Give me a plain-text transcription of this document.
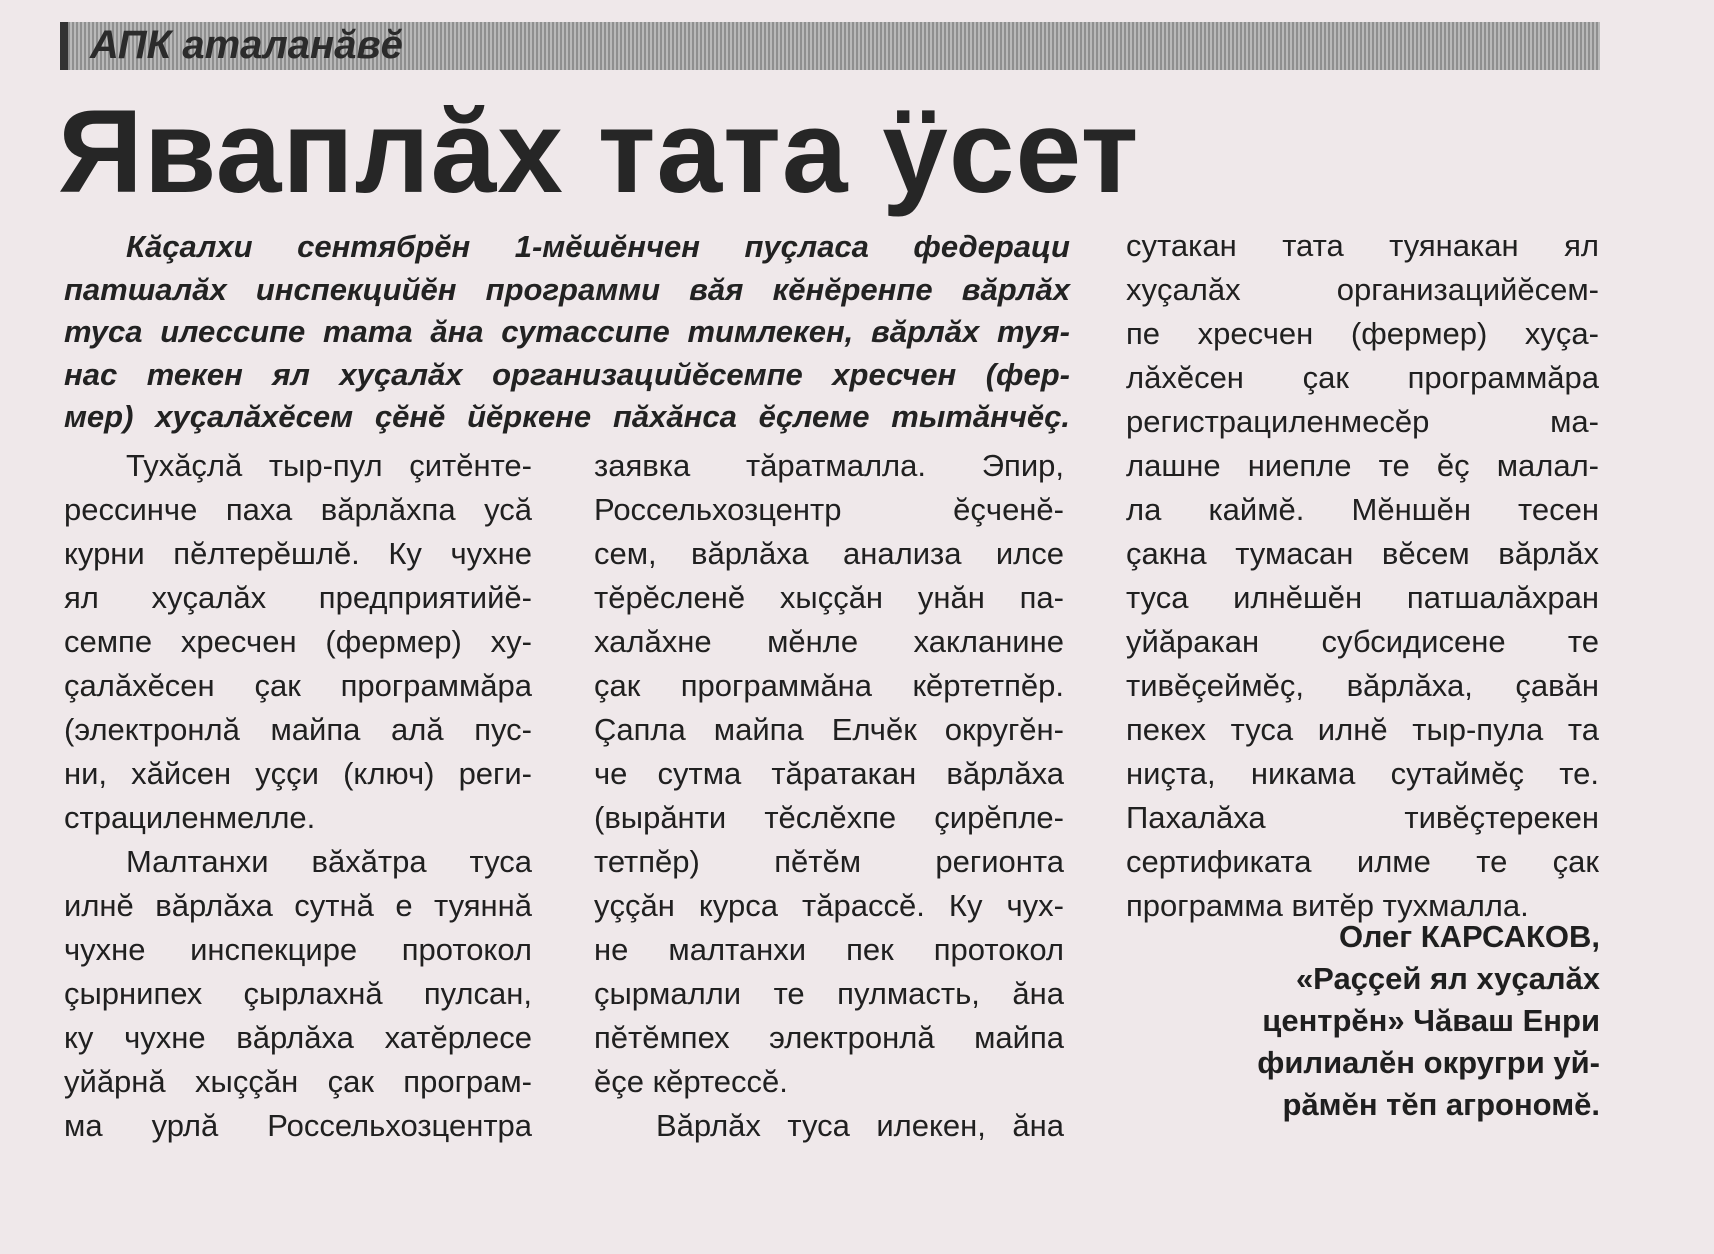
АПК аталанăвĕ
Яваплăх тата ÿсет
Кăçалхи сентябрĕн 1-мĕшĕнчен пуçласа федераци
патшалăх инспекцийĕн программи вăя кĕнĕренпе вăрлăх
туса илессипе тата ăна сутассипе тимлекен, вăрлăх туя-
нас текен ял хуçалăх организацийĕсемпе хресчен (фер-
мер) хуçалăхĕсем çĕнĕ йĕркене пăхăнса ĕçлеме тытăнчĕç.
Тухăçлă тыр-пул çитĕнте-
рессинче паха вăрлăхпа усă
курни пĕлтерĕшлĕ. Ку чухне
ял хуçалăх предприятийĕ-
семпе хресчен (фермер) ху-
çалăхĕсен çак программăра
(электронлă майпа алă пус-
ни, хăйсен уççи (ключ) реги-
страциленмелле.
Малтанхи вăхăтра туса
илнĕ вăрлăха сутнă е туяннă
чухне инспекцире протокол
çырнипех çырлахнă пулсан,
ку чухне вăрлăха хатĕрлесе
уйăрнă хыççăн çак програм-
ма урлă Россельхозцентра
заявка тăратмалла. Эпир,
Россельхозцентр ĕçченĕ-
сем, вăрлăха анализа илсе
тĕрĕсленĕ хыççăн унăн па-
халăхне мĕнле хакланине
çак программăна кĕртетпĕр.
Çапла майпа Елчĕк округĕн-
че сутма тăратакан вăрлăха
(вырăнти тĕслĕхпе çирĕпле-
тетпĕр) пĕтĕм регионта
уççăн курса тăрассĕ. Ку чух-
не малтанхи пек протокол
çырмалли те пулмасть, ăна
пĕтĕмпех электронлă майпа
ĕçе кĕртессĕ.
Вăрлăх туса илекен, ăна
сутакан тата туянакан ял
хуçалăх организацийĕсем-
пе хресчен (фермер) хуçа-
лăхĕсен çак программăра
регистрациленмесĕр ма-
лашне ниепле те ĕç малал-
ла каймĕ. Мĕншĕн тесен
çакна тумасан вĕсем вăрлăх
туса илнĕшĕн патшалăхран
уйăракан субсидисене те
тивĕçеймĕç, вăрлăха, çавăн
пекех туса илнĕ тыр-пула та
ниçта, никама сутаймĕç те.
Пахалăха тивĕçтерекен
сертификата илме те çак
программа витĕр тухмалла.
Олег КАРСАКОВ,
«Раççей ял хуçалăх
центрĕн» Чăваш Енри
филиалĕн округри уй-
рăмĕн тĕп агрономĕ.
